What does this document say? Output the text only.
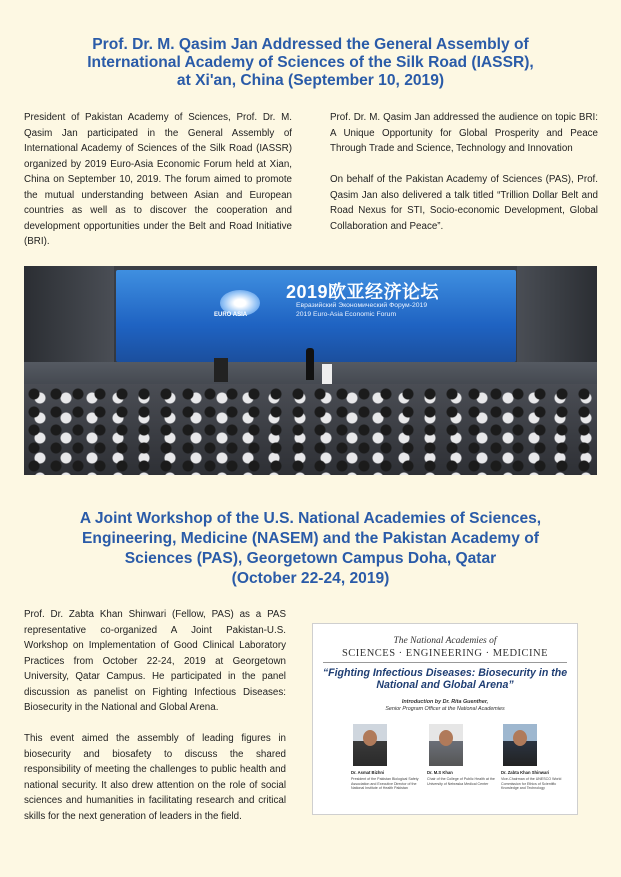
Prof. Dr. M. Qasim Jan Addressed the General Assembly of
International Academy of Sciences of the Silk Road (IASSR),
at Xi'an, China (September 10, 2019)

President of Pakistan Academy of Sciences, Prof. Dr. M. Qasim Jan participated in the General Assembly of International Academy of Sciences of the Silk Road (IASSR) organized by 2019 Euro-Asia Economic Forum held at Xian, China on September 10, 2019. The forum aimed to promote the mutual understanding between Asian and European countries as well as to discover the cooperation and development opportunities under the Belt and Road Initiative (BRI).

Prof. Dr. M. Qasim Jan addressed the audience on topic BRI: A Unique Opportunity for Global Prosperity and Peace Through Trade and Science, Technology and Innovation

On behalf of the Pakistan Academy of Sciences (PAS), Prof. Qasim Jan also delivered a talk titled “Trillion Dollar Belt and Road Nexus for STI, Socio-economic Development, Global Collaboration and Peace”.

EURO ASIA
2019欧亚经济论坛
Евразийский Экономический Форум-2019
2019 Euro-Asia Economic Forum
A Joint Workshop of the U.S. National Academies of Sciences,
Engineering, Medicine (NASEM) and the Pakistan Academy of
Sciences (PAS), Georgetown Campus Doha, Qatar
(October 22-24, 2019)

Prof. Dr. Zabta Khan Shinwari (Fellow, PAS) as a PAS representative co-organized A Joint Pakistan-U.S. Workshop on Implementation of Good Clinical Laboratory Practices from October 22-24, 2019 at Georgetown University, Qatar Campus. He participated in the panel discussion as panelist on Fighting Infectious Diseases: Biosecurity in the National and Global Arena.

This event aimed the assembly of leading figures in biosecurity and biosafety to discuss the shared responsibility of meeting the challenges to public health and national security. It also drew attention on the role of social sciences and humanities in facilitating research and critical skills for the next generation of leaders in the field.

The National Academies of
SCIENCES · ENGINEERING · MEDICINE
“Fighting Infectious Diseases: Biosecurity in the National and Global Arena”
Introduction by Dr. Rita Guenther,
Senior Program Officer at the National Academies
Dr. Asmat Bizhni
President of the Pakistan Biological Safety Association and Executive Director of the National Institute of Health Pakistan
Dr. M.S Khan
Chair of the College of Public Health at the University of Nebraska Medical Center
Dr. Zabta Khan Shinwari
Vice-Chairman of the UNESCO World Commission for Ethics of Scientific Knowledge and Technology
